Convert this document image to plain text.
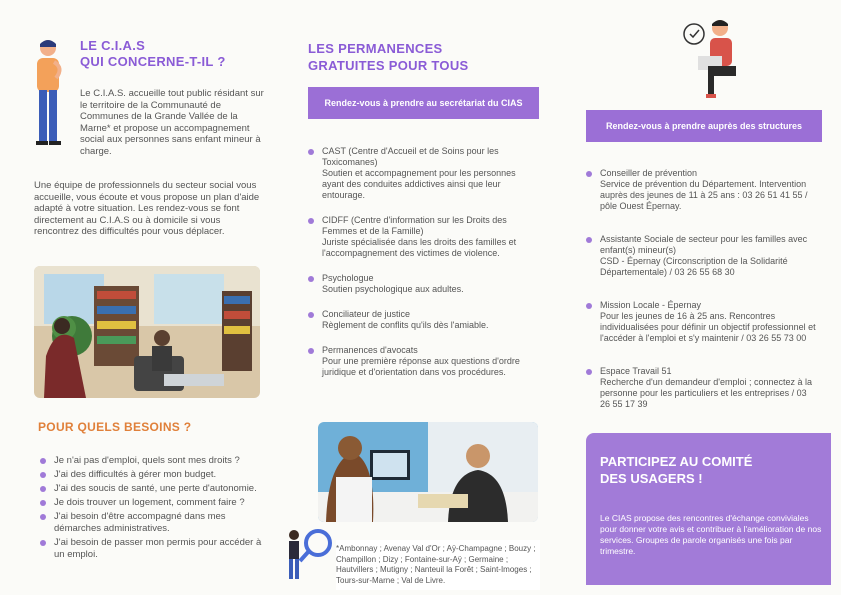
LE C.I.A.S
QUI CONCERNE-T-IL ?
Le C.I.A.S. accueille tout public résidant sur le territoire de la Communauté de Communes de la Grande Vallée de la Marne* et propose un accompagnement social aux personnes sans enfant mineur à charge.
Une équipe de professionnels du secteur social vous accueille, vous écoute et vous propose un plan d'aide adapté à votre situation. Les rendez-vous se font directement au C.I.A.S ou à domicile si vous rencontrez des difficultés pour vous déplacer.
POUR QUELS BESOINS ?
Je n'ai pas d'emploi, quels sont mes droits ?
J'ai des difficultés à gérer mon budget.
J'ai des soucis de santé, une perte d'autonomie.
Je dois trouver un logement, comment faire ?
J'ai besoin d'être accompagné dans mes démarches administratives.
J'ai besoin de passer mon permis pour accéder à un emploi.
LES PERMANENCES
GRATUITES POUR TOUS
Rendez-vous à prendre au secrétariat du CIAS
CAST (Centre d'Accueil et de Soins pour les Toxicomanes)
Soutien et accompagnement pour les personnes ayant des conduites addictives ainsi que leur entourage.
CIDFF (Centre d'information sur les Droits des Femmes et de la Famille)
Juriste spécialisée dans les droits des familles et l'accompagnement des victimes de violence.
Psychologue
Soutien psychologique aux adultes.
Conciliateur de justice
Règlement de conflits qu'ils dès l'amiable.
Permanences d'avocats
Pour une première réponse aux questions d'ordre juridique et d'orientation dans vos procédures.
*Ambonnay ; Avenay Val d'Or ; Aÿ-Champagne ; Bouzy ; Champillon ; Dizy ; Fontaine-sur-Aÿ ; Germaine ; Hautvillers ; Mutigny ; Nanteuil la Forêt ; Saint-Imoges ; Tours-sur-Marne ; Val de Livre.
Rendez-vous à prendre auprès des structures
Conseiller de prévention
Service de prévention du Département. Intervention auprès des jeunes de 11 à 25 ans : 03 26 51 41 55 / pôle Ouest Épernay.
Assistante Sociale de secteur pour les familles avec enfant(s) mineur(s)
CSD - Épernay (Circonscription de la Solidarité Départementale) / 03 26 55 68 30
Mission Locale - Épernay
Pour les jeunes de 16 à 25 ans. Rencontres individualisées pour définir un objectif professionnel et l'accéder à l'emploi et s'y maintenir / 03 26 55 73 00
Espace Travail 51
Recherche d'un demandeur d'emploi ; connectez à la personne pour les particuliers et les entreprises / 03 26 55 17 39
PARTICIPEZ AU COMITÉ
DES USAGERS !
Le CIAS propose des rencontres d'échange conviviales pour donner votre avis et contribuer à l'amélioration de nos services. Groupes de parole organisés une fois par trimestre.
